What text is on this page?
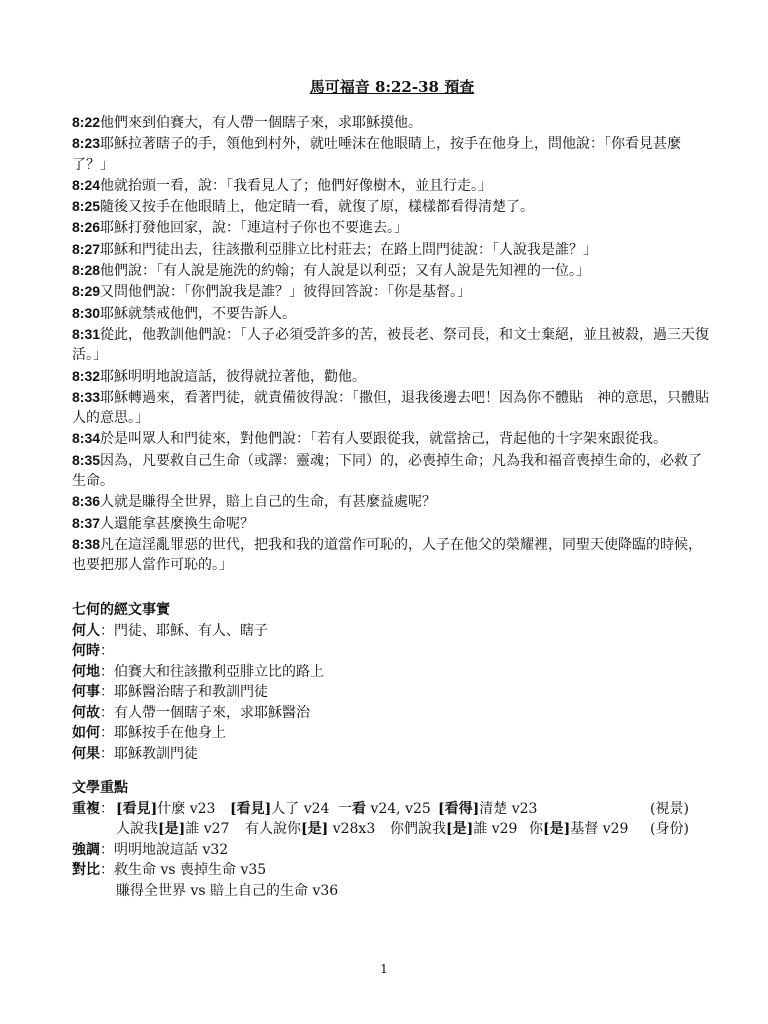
馬可福音 8:22-38 預查

8:22他們來到伯賽大，有人帶一個瞎子來，求耶穌摸他。

8:23耶穌拉著瞎子的手，領他到村外，就吐唾沫在他眼睛上，按手在他身上，問他說：「你看見甚麼了？」

8:24他就抬頭一看，說：「我看見人了；他們好像樹木，並且行走。」

8:25隨後又按手在他眼睛上，他定睛一看，就復了原，樣樣都看得清楚了。

8:26耶穌打發他回家，說：「連這村子你也不要進去。」

8:27耶穌和門徒出去，往該撒利亞腓立比村莊去；在路上問門徒說：「人說我是誰？」

8:28他們說：「有人說是施洗的約翰；有人說是以利亞；又有人說是先知裡的一位。」

8:29又問他們說：「你們說我是誰？」彼得回答說：「你是基督。」

8:30耶穌就禁戒他們，不要告訴人。

8:31從此，他教訓他們說：「人子必須受許多的苦，被長老、祭司長，和文士棄絕，並且被殺，過三天復活。」

8:32耶穌明明地說這話，彼得就拉著他，勸他。

8:33耶穌轉過來，看著門徒，就責備彼得說：「撒但，退我後邊去吧！因為你不體貼　神的意思，只體貼人的意思。」

8:34於是叫眾人和門徒來，對他們說：「若有人要跟從我，就當捨己，背起他的十字架來跟從我。

8:35因為，凡要救自己生命（或譯：靈魂；下同）的，必喪掉生命；凡為我和福音喪掉生命的，必救了生命。

8:36人就是賺得全世界，賠上自己的生命，有甚麼益處呢？

8:37人還能拿甚麼換生命呢？

8:38凡在這淫亂罪惡的世代，把我和我的道當作可恥的，人子在他父的榮耀裡，同聖天使降臨的時候，也要把那人當作可恥的。」

七何的經文事實
何人 ：門徒、耶穌、有人、瞎子
何時 ：
何地 ：伯賽大和往該撒利亞腓立比的路上
何事 ：耶穌醫治瞎子和教訓門徒
何故 ：有人帶一個瞎子來，求耶穌醫治
如何 ：耶穌按手在他身上
何果 ：耶穌教訓門徒
文學重點
重複： [看見]什麼 v23 [看見]人了 v24 一看 v24, v25 [看得]清楚 v23	(視景)
人說我[是]誰 v27 有人說你[是] v28x3 你們說我[是]誰 v29 你[是]基督 v29 (身份)
強調：明明地說這話 v32
對比：救生命 vs 喪掉生命 v35
賺得全世界 vs 賠上自己的生命 v36
1
